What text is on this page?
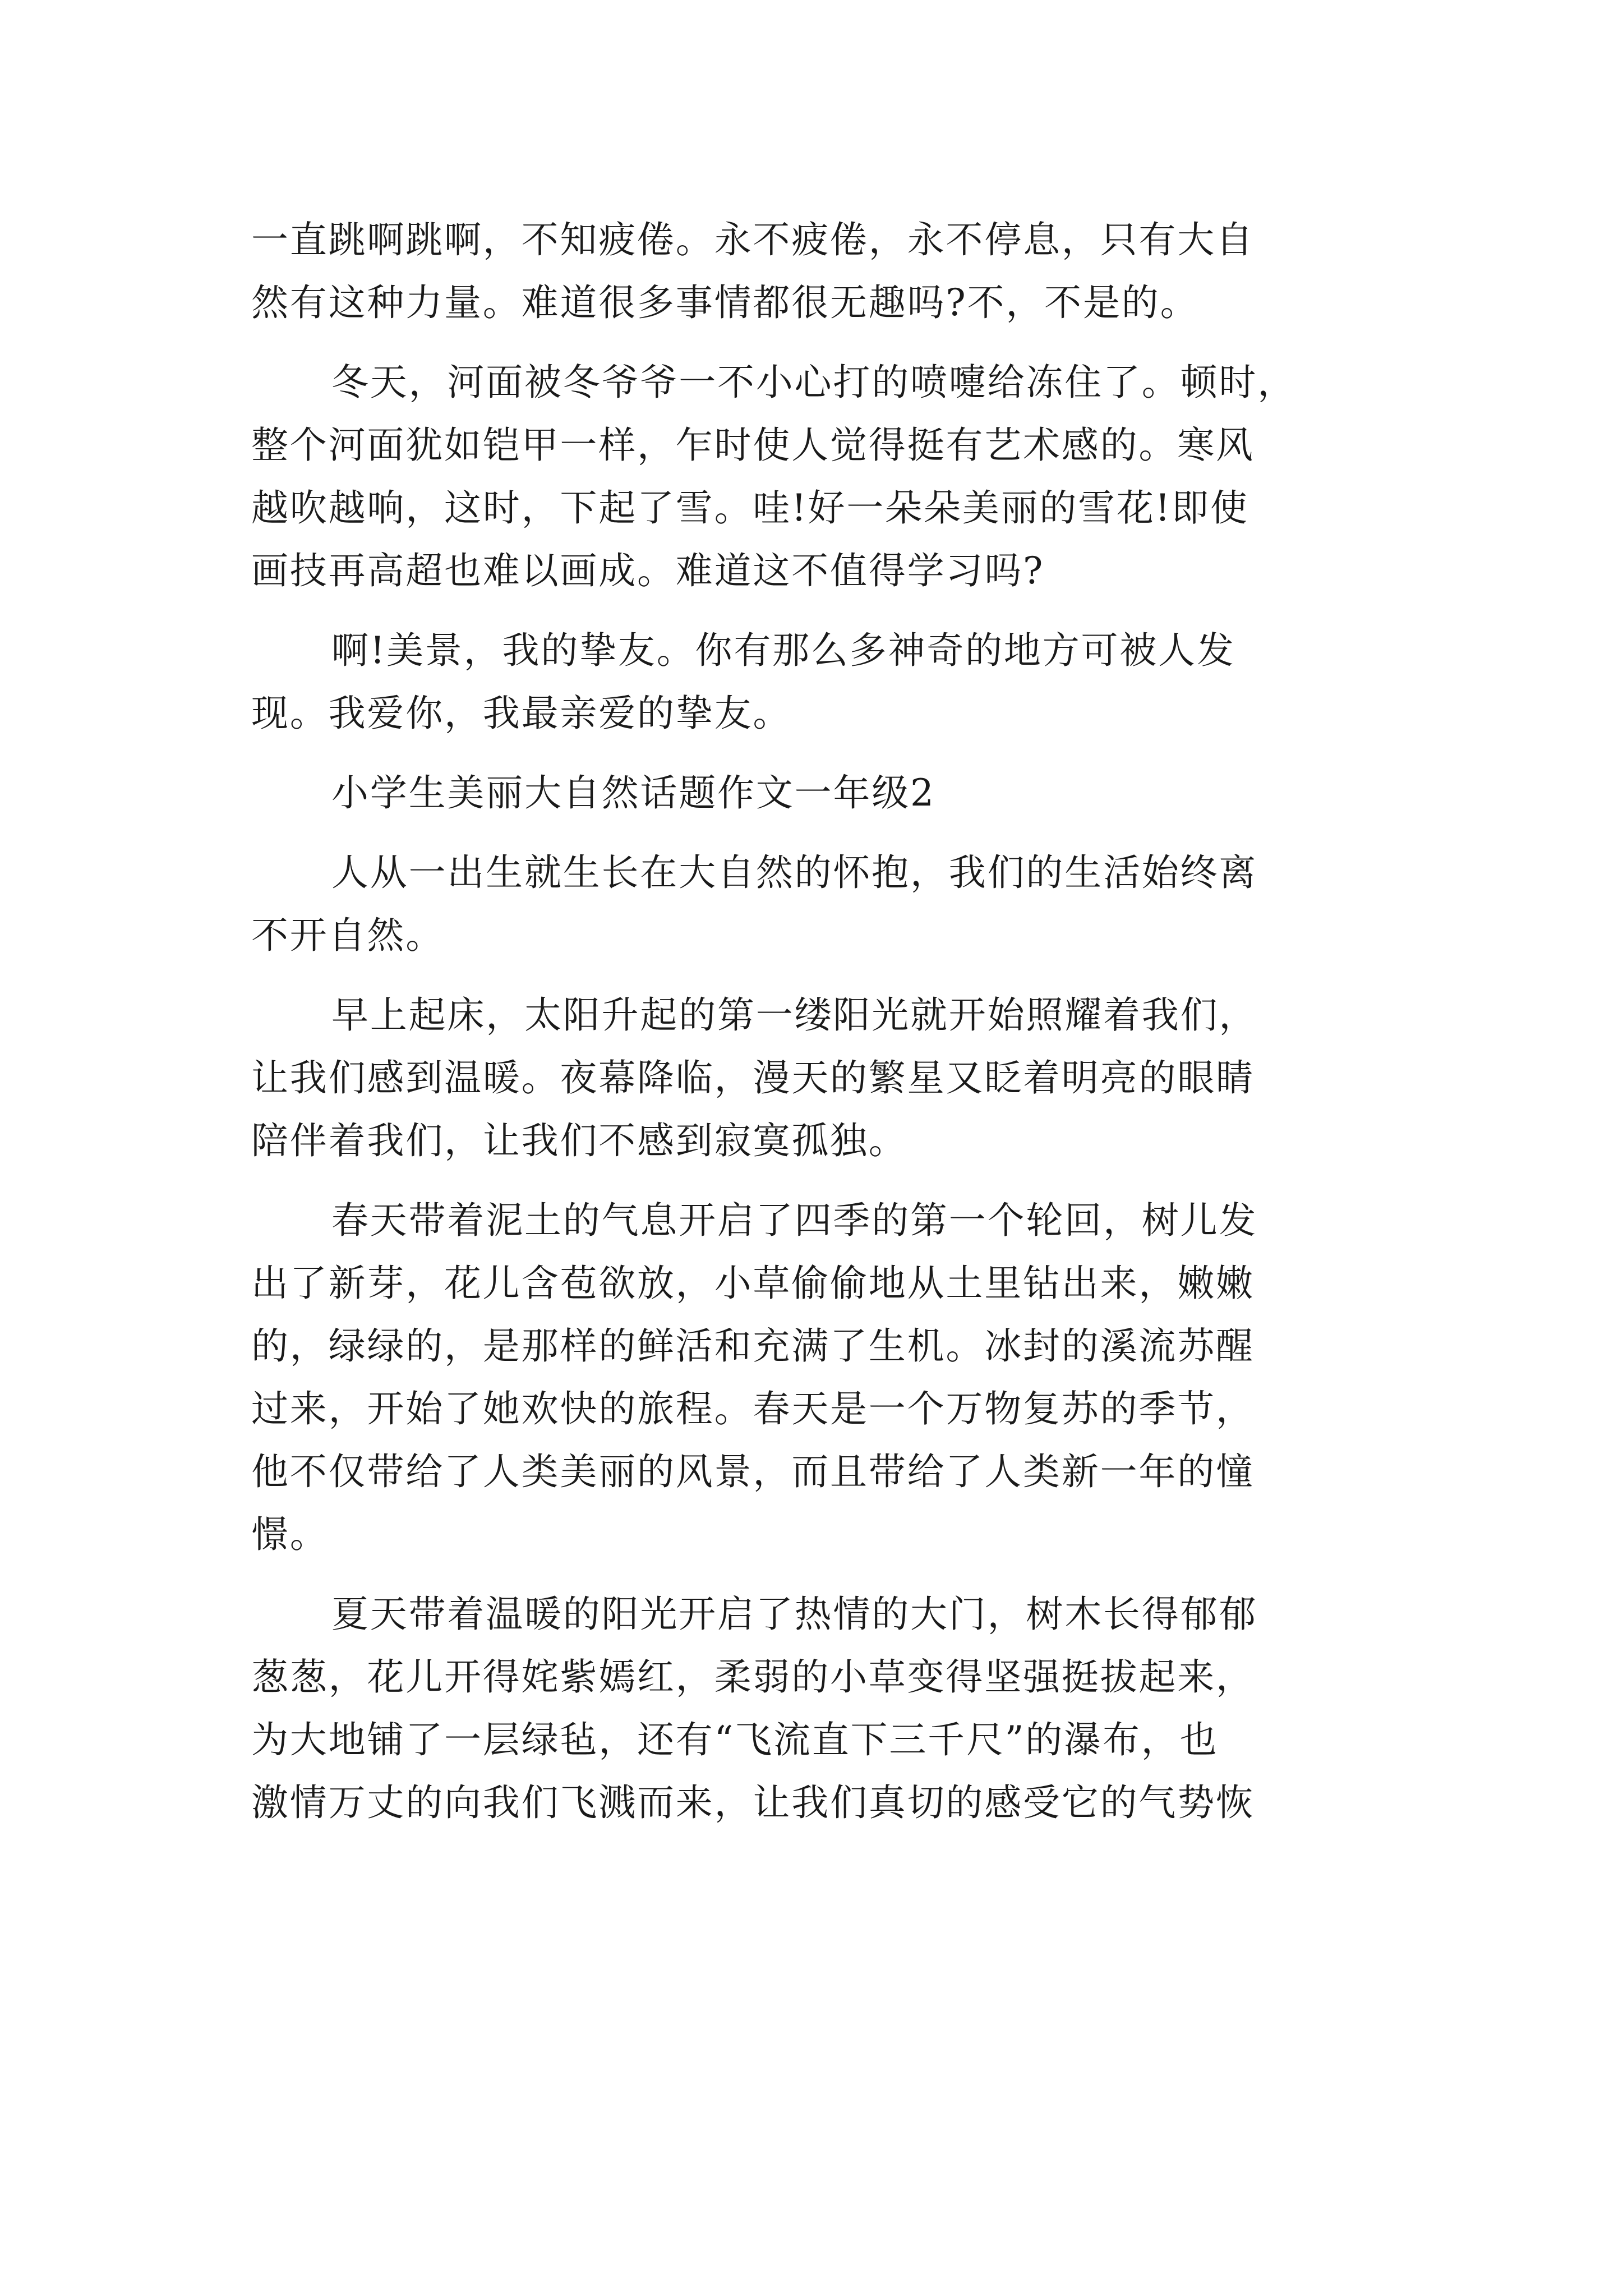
一直跳啊跳啊，不知疲倦。永不疲倦，永不停息，只有大自
然有这种力量。难道很多事情都很无趣吗?不，不是的。
冬天，河面被冬爷爷一不小心打的喷嚏给冻住了。顿时，
整个河面犹如铠甲一样，乍时使人觉得挺有艺术感的。寒风
越吹越响，这时，下起了雪。哇!好一朵朵美丽的雪花!即使
画技再高超也难以画成。难道这不值得学习吗?
啊!美景，我的挚友。你有那么多神奇的地方可被人发
现。我爱你，我最亲爱的挚友。
小学生美丽大自然话题作文一年级2
人从一出生就生长在大自然的怀抱，我们的生活始终离
不开自然。
早上起床，太阳升起的第一缕阳光就开始照耀着我们，
让我们感到温暖。夜幕降临，漫天的繁星又眨着明亮的眼睛
陪伴着我们，让我们不感到寂寞孤独。
春天带着泥土的气息开启了四季的第一个轮回，树儿发
出了新芽，花儿含苞欲放，小草偷偷地从土里钻出来，嫩嫩
的，绿绿的，是那样的鲜活和充满了生机。冰封的溪流苏醒
过来，开始了她欢快的旅程。春天是一个万物复苏的季节，
他不仅带给了人类美丽的风景，而且带给了人类新一年的憧
憬。
夏天带着温暖的阳光开启了热情的大门，树木长得郁郁
葱葱，花儿开得姹紫嫣红，柔弱的小草变得坚强挺拔起来，
为大地铺了一层绿毡，还有“飞流直下三千尺”的瀑布，也
激情万丈的向我们飞溅而来，让我们真切的感受它的气势恢
